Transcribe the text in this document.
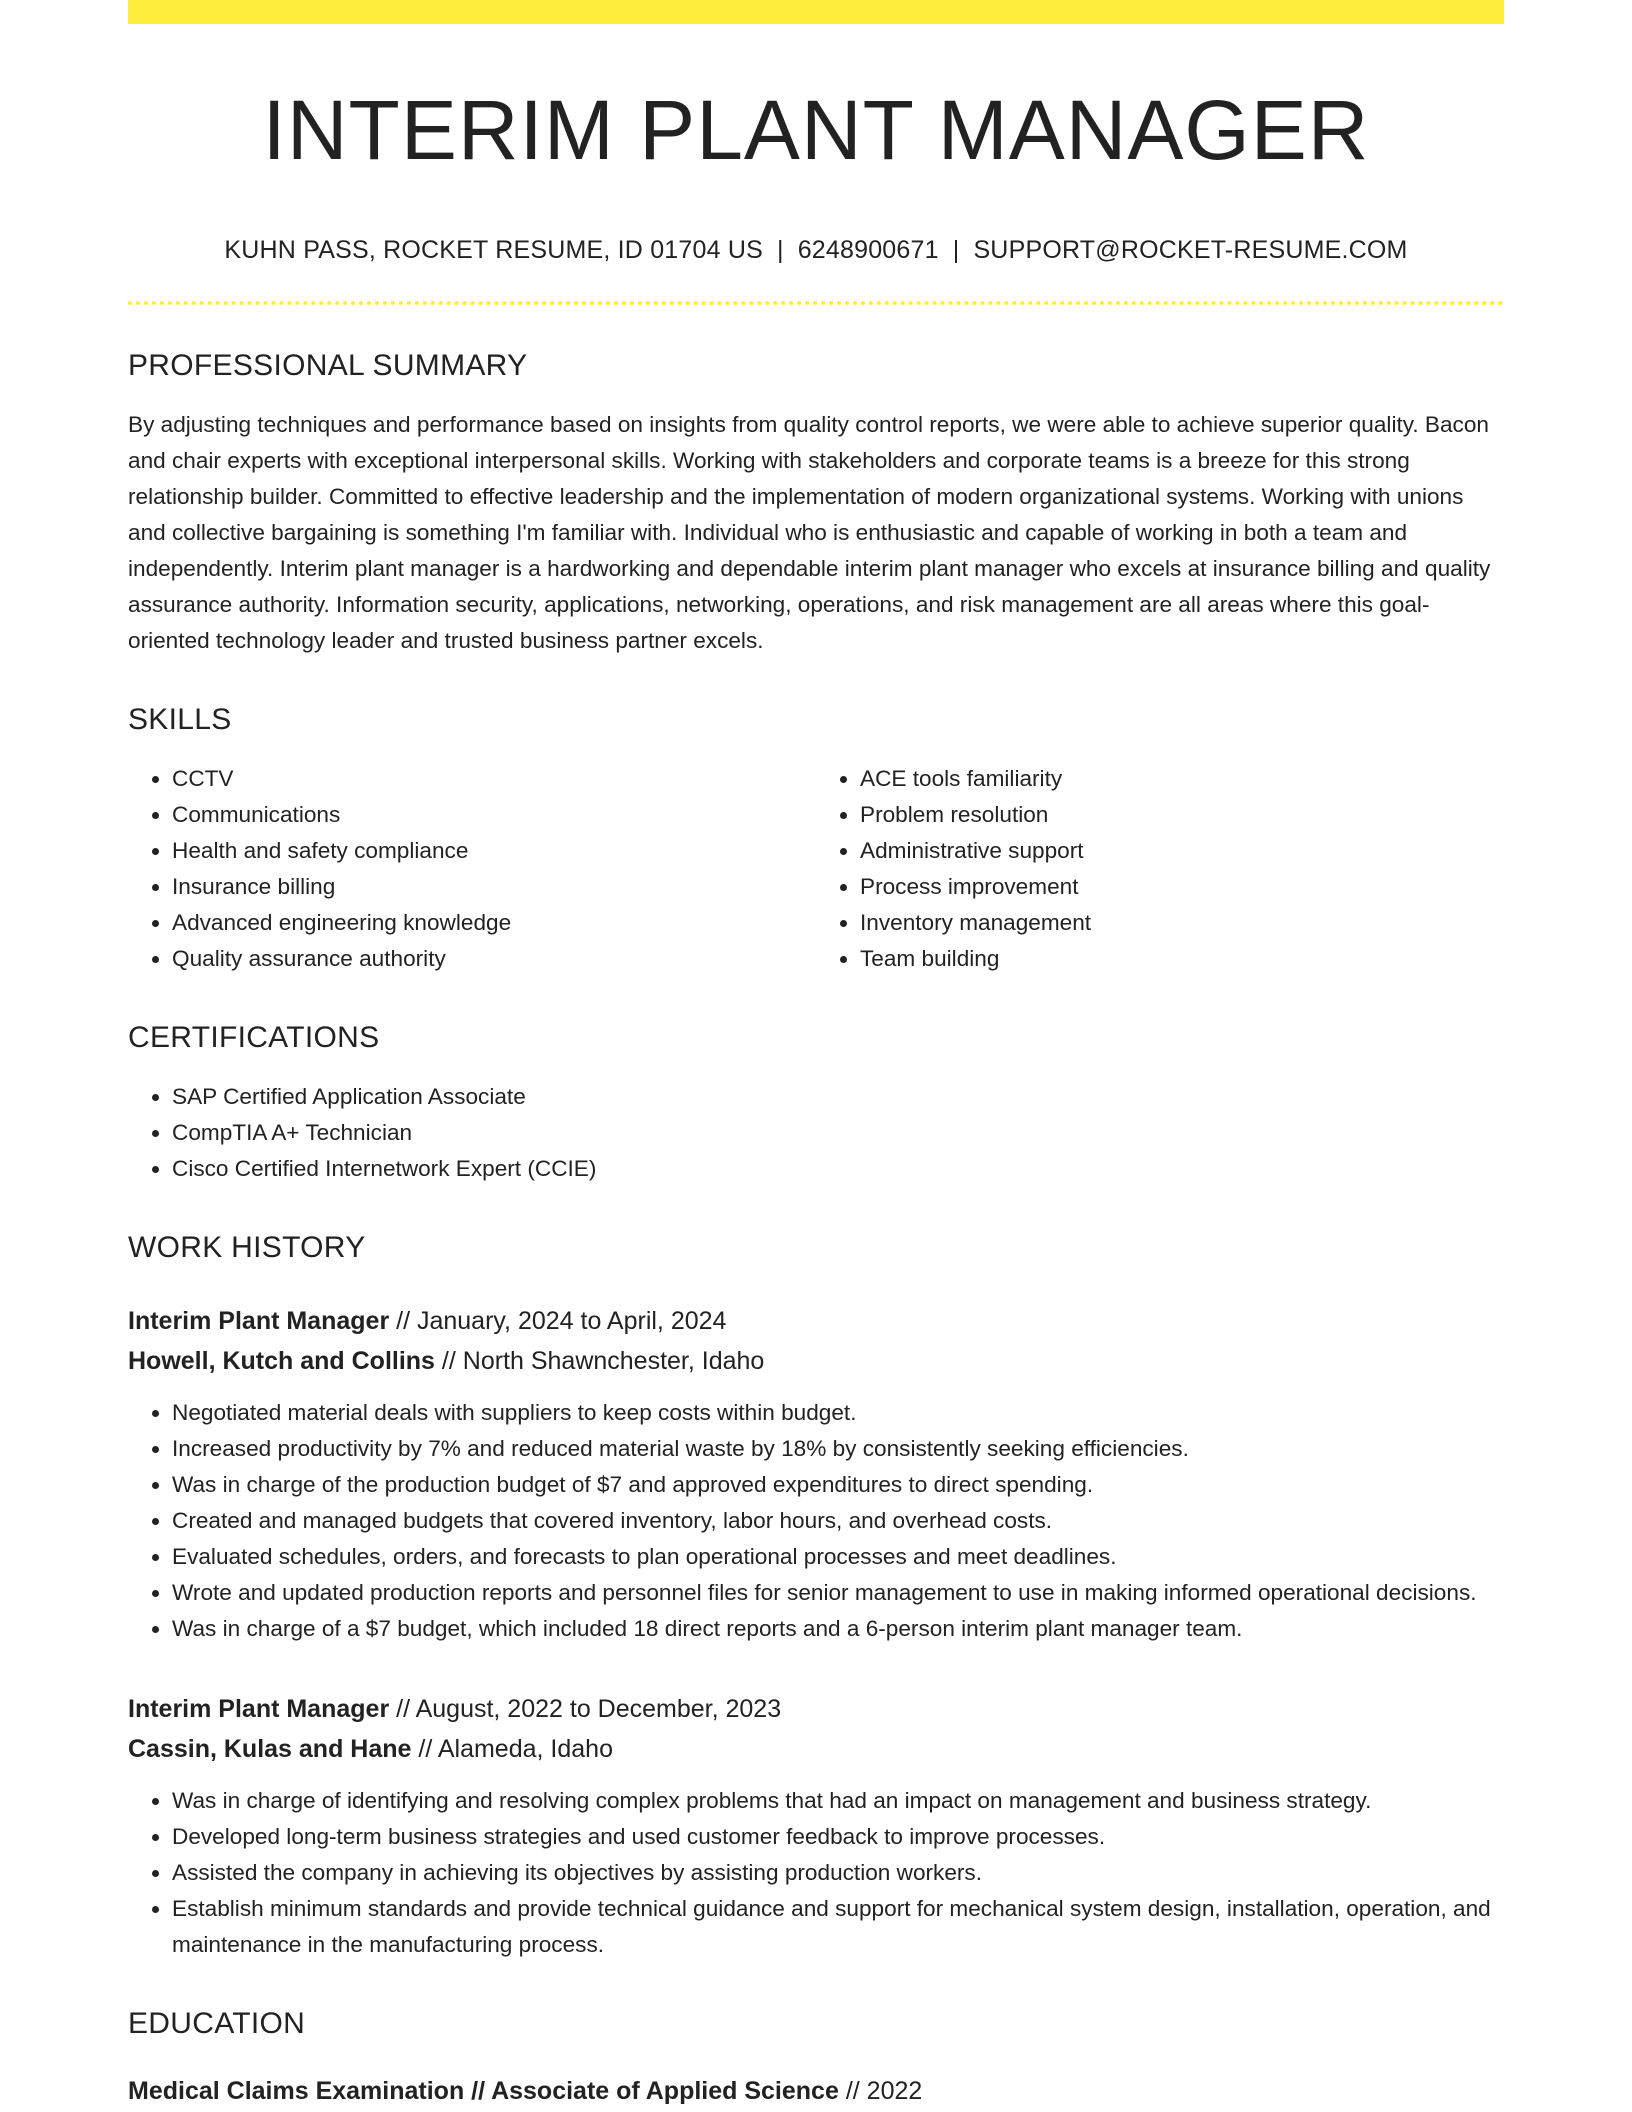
INTERIM PLANT MANAGER
KUHN PASS, ROCKET RESUME, ID 01704 US | 6248900671 | SUPPORT@ROCKET-RESUME.COM
PROFESSIONAL SUMMARY

By adjusting techniques and performance based on insights from quality control reports, we were able to achieve superior quality. Bacon and chair experts with exceptional interpersonal skills. Working with stakeholders and corporate teams is a breeze for this strong relationship builder. Committed to effective leadership and the implementation of modern organizational systems. Working with unions and collective bargaining is something I'm familiar with. Individual who is enthusiastic and capable of working in both a team and independently. Interim plant manager is a hardworking and dependable interim plant manager who excels at insurance billing and quality assurance authority. Information security, applications, networking, operations, and risk management are all areas where this goal-oriented technology leader and trusted business partner excels.

SKILLS
• CCTV
• Communications
• Health and safety compliance
• Insurance billing
• Advanced engineering knowledge
• Quality assurance authority
• ACE tools familiarity
• Problem resolution
• Administrative support
• Process improvement
• Inventory management
• Team building
CERTIFICATIONS
• SAP Certified Application Associate
• CompTIA A+ Technician
• Cisco Certified Internetwork Expert (CCIE)
WORK HISTORY
Interim Plant Manager // January, 2024 to April, 2024
Howell, Kutch and Collins // North Shawnchester, Idaho
• Negotiated material deals with suppliers to keep costs within budget.
• Increased productivity by 7% and reduced material waste by 18% by consistently seeking efficiencies.
• Was in charge of the production budget of $7 and approved expenditures to direct spending.
• Created and managed budgets that covered inventory, labor hours, and overhead costs.
• Evaluated schedules, orders, and forecasts to plan operational processes and meet deadlines.
• Wrote and updated production reports and personnel files for senior management to use in making informed operational decisions.
• Was in charge of a $7 budget, which included 18 direct reports and a 6-person interim plant manager team.
Interim Plant Manager // August, 2022 to December, 2023
Cassin, Kulas and Hane // Alameda, Idaho
• Was in charge of identifying and resolving complex problems that had an impact on management and business strategy.
• Developed long-term business strategies and used customer feedback to improve processes.
• Assisted the company in achieving its objectives by assisting production workers.
• Establish minimum standards and provide technical guidance and support for mechanical system design, installation, operation, and maintenance in the manufacturing process.
EDUCATION
Medical Claims Examination // Associate of Applied Science // 2022
